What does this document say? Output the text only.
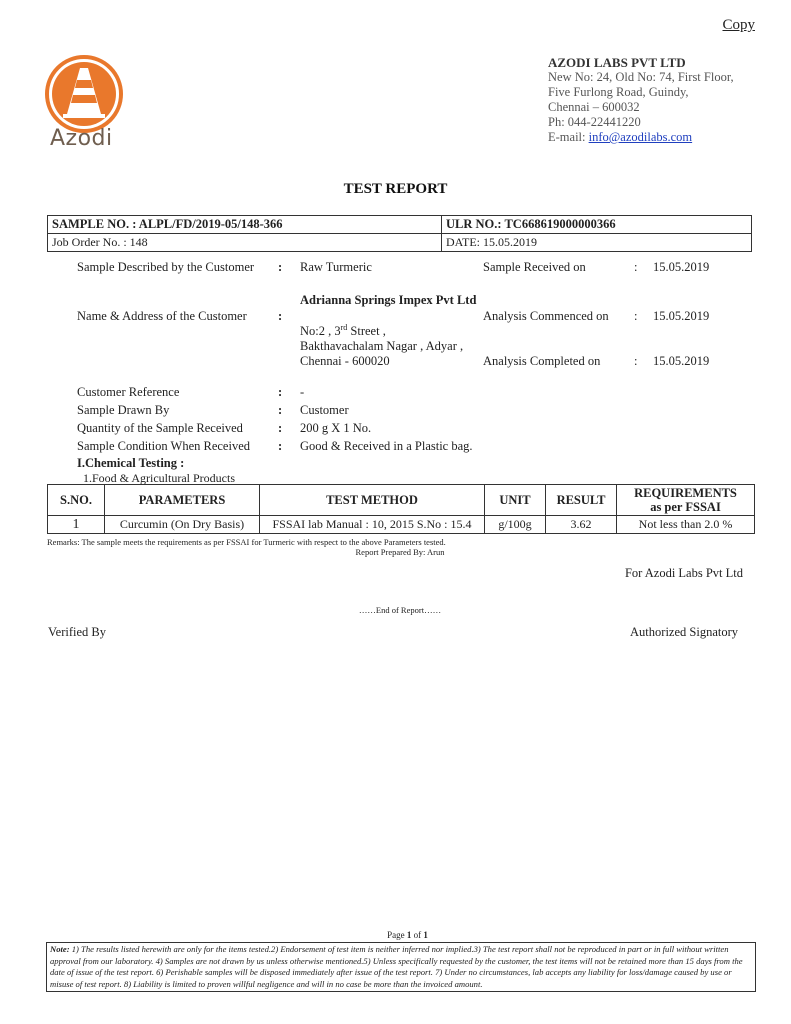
Copy
Azodi
AZODI LABS PVT LTD
New No: 24, Old No: 74, First Floor,
Five Furlong Road, Guindy,
Chennai – 600032
Ph: 044-22441220
E-mail: info@azodilabs.com
TEST REPORT
SAMPLE NO. : ALPL/FD/2019-05/148-366	ULR NO.: TC668619000000366
Job Order No. : 148	DATE: 15.05.2019
Sample Described by the Customer : Raw Turmeric	Sample Received on	: 15.05.2019
Name & Address of the Customer :
Adrianna Springs Impex Pvt Ltd
No:2 , 3rd Street ,
Bakthavachalam Nagar , Adyar ,
Chennai - 600020
Analysis Commenced on : 15.05.2019
Analysis Completed on	: 15.05.2019
Customer Reference	: -
Sample Drawn By	: Customer
Quantity of the Sample Received	: 200 g X 1 No.
Sample Condition When Received : Good & Received in a Plastic bag.
I.Chemical Testing :
1.Food & Agricultural Products
S.NO.	PARAMETERS	TEST METHOD	UNIT	RESULT	REQUIREMENTS
as per FSSAI

1	Curcumin (On Dry Basis)	FSSAI lab Manual : 10, 2015 S.No : 15.4	g/100g	3.62	Not less than 2.0 %
Remarks: The sample meets the requirements as per FSSAI for Turmeric with respect to the above Parameters tested.
Report Prepared By: Arun
For Azodi Labs Pvt Ltd
……End of Report……
Verified By	Authorized Signatory
Page 1 of 1
Note: 1) The results listed herewith are only for the items tested.2) Endorsement of test item is neither inferred nor implied.3) The test report shall not be reproduced in part or in full without written approval from our laboratory. 4) Samples are not drawn by us unless otherwise mentioned.5) Unless specifically requested by the customer, the test items will not be retained more than 15 days from the date of issue of the test report. 6) Perishable samples will be disposed immediately after issue of the test report. 7) Under no circumstances, lab accepts any liability for loss/damage caused by use or misuse of test report. 8) Liability is limited to proven willful negligence and will in no case be more than the invoiced amount.
